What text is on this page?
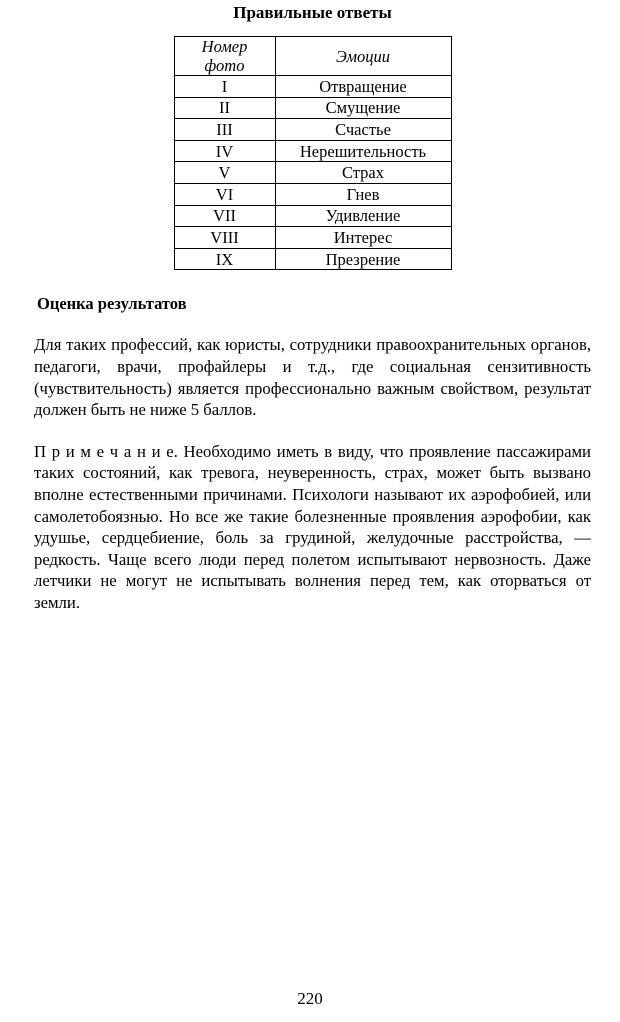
Правильные ответы
Номер фото	Эмоции
I	Отвращение
II	Смущение
III	Счастье
IV	Нерешительность
V	Страх
VI	Гнев
VII	Удивление
VIII	Интерес
IX	Презрение
Оценка результатов

Для таких профессий, как юристы, сотрудники правоохранительных органов, педагоги, врачи, профайлеры и т.д., где социальная сензитивность (чувствительность) является профессионально важным свойством, результат должен быть не ниже 5 баллов.

П р и м е ч а н и е. Необходимо иметь в виду, что проявление пассажирами таких состояний, как тревога, неуверенность, страх, может быть вызвано вполне естественными причинами. Психологи называют их аэрофобией, или самолетобоязнью. Но все же такие болезненные проявления аэрофобии, как удушье, сердцебиение, боль за грудиной, желудочные расстройства, — редкость. Чаще всего люди перед полетом испытывают нервозность. Даже летчики не могут не испытывать волнения перед тем, как оторваться от земли.

220
